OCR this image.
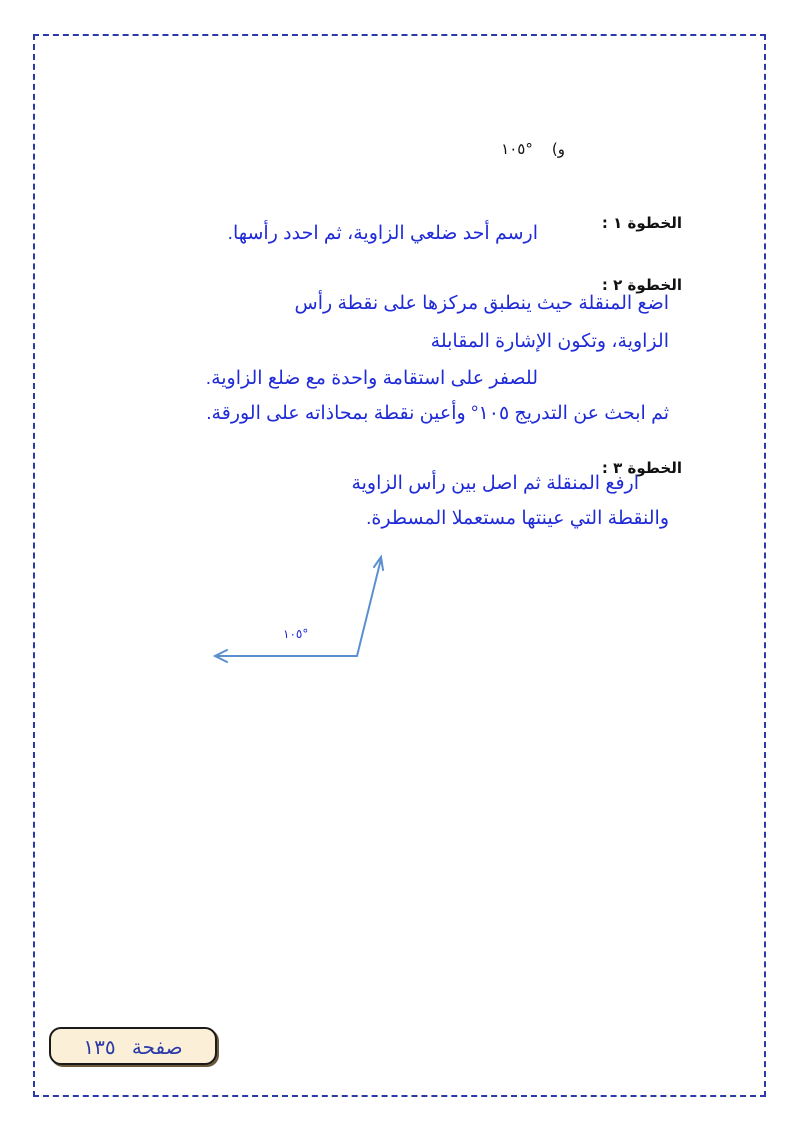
و)    °١٠٥
الخطوة ١ :
ارسم أحد ضلعي الزاوية، ثم احدد رأسها.
الخطوة ٢ :
اضع المنقلة حيث ينطبق مركزها على نقطة رأس
الزاوية، وتكون الإشارة المقابلة
للصفر على استقامة واحدة مع ضلع الزاوية.
ثم ابحث عن التدريج ١٠٥° وأعين نقطة بمحاذاته على الورقة.
الخطوة ٣ :
ارفع المنقلة ثم اصل بين رأس الزاوية
والنقطة التي عينتها مستعملا المسطرة.
°١٠٥
صفحة ١٣٥
